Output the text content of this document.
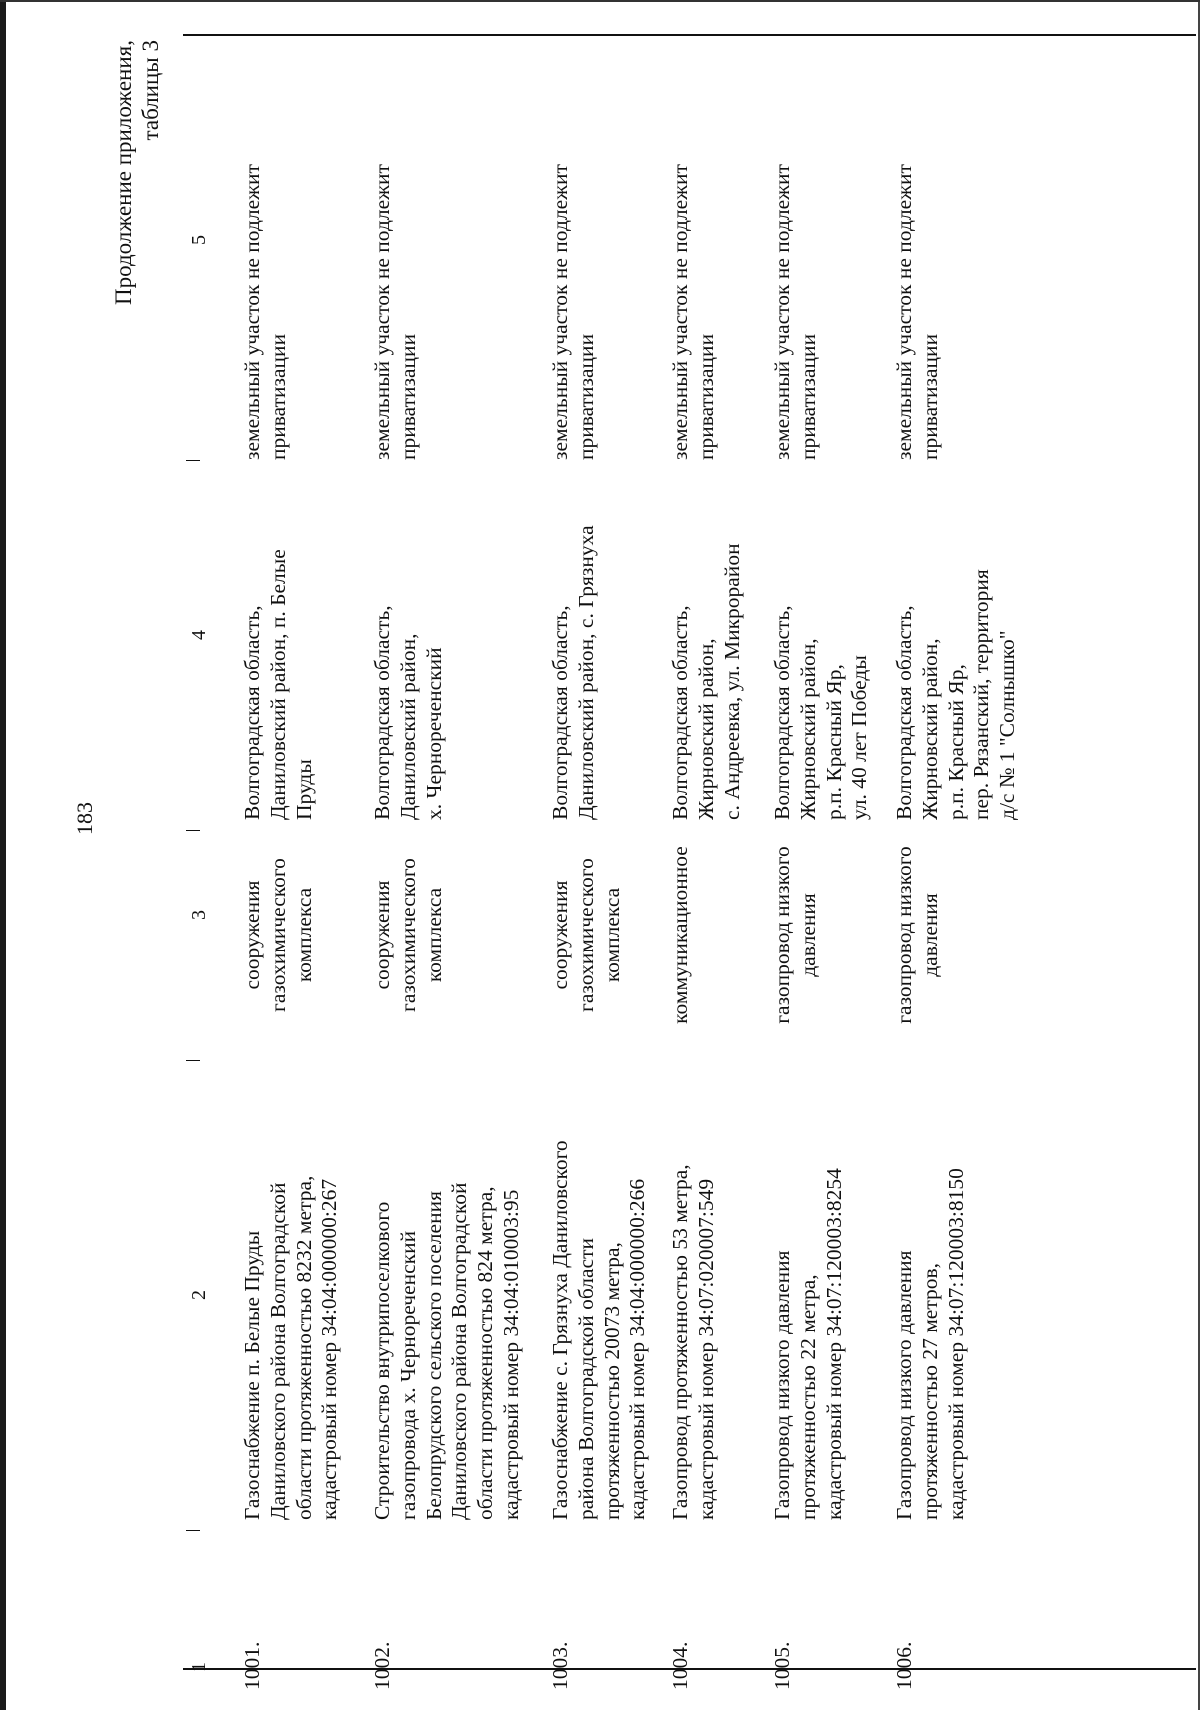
183
Продолжение приложения, таблицы 3
1
2
3
4
5
1001.
Газоснабжение п. Белые Пруды Даниловского района Волгоградской области протяженностью 8232 метра, кадастровый номер 34:04:000000:267
сооружения газохимического комплекса
Волгоградская область, Даниловский район, п. Белые Пруды
земельный участок не подлежит приватизации
1002.
Строительство внутрипоселкового газопровода х. Чернореченский Белопрудского сельского поселения Даниловского района Волгоградской области протяженностью 824 метра, кадастровый номер 34:04:010003:95
сооружения газохимического комплекса
Волгоградская область, Даниловский район, х. Чернореченский
земельный участок не подлежит приватизации
1003.
Газоснабжение с. Грязнуха Даниловского района Волгоградской области протяженностью 20073 метра, кадастровый номер 34:04:000000:266
сооружения газохимического комплекса
Волгоградская область, Даниловский район, с. Грязнуха
земельный участок не подлежит приватизации
1004.
Газопровод протяженностью 53 метра, кадастровый номер 34:07:020007:549
коммуникационное
Волгоградская область, Жирновский район, с. Андреевка, ул. Микрорайон
земельный участок не подлежит приватизации
1005.
Газопровод низкого давления протяженностью 22 метра, кадастровый номер 34:07:120003:8254
газопровод низкого давления
Волгоградская область, Жирновский район, р.п. Красный Яр, ул. 40 лет Победы
земельный участок не подлежит приватизации
1006.
Газопровод низкого давления протяженностью 27 метров, кадастровый номер 34:07:120003:8150
газопровод низкого давления
Волгоградская область, Жирновский район, р.п. Красный Яр, пер. Рязанский, территория д/с № 1 "Солнышко"
земельный участок не подлежит приватизации
